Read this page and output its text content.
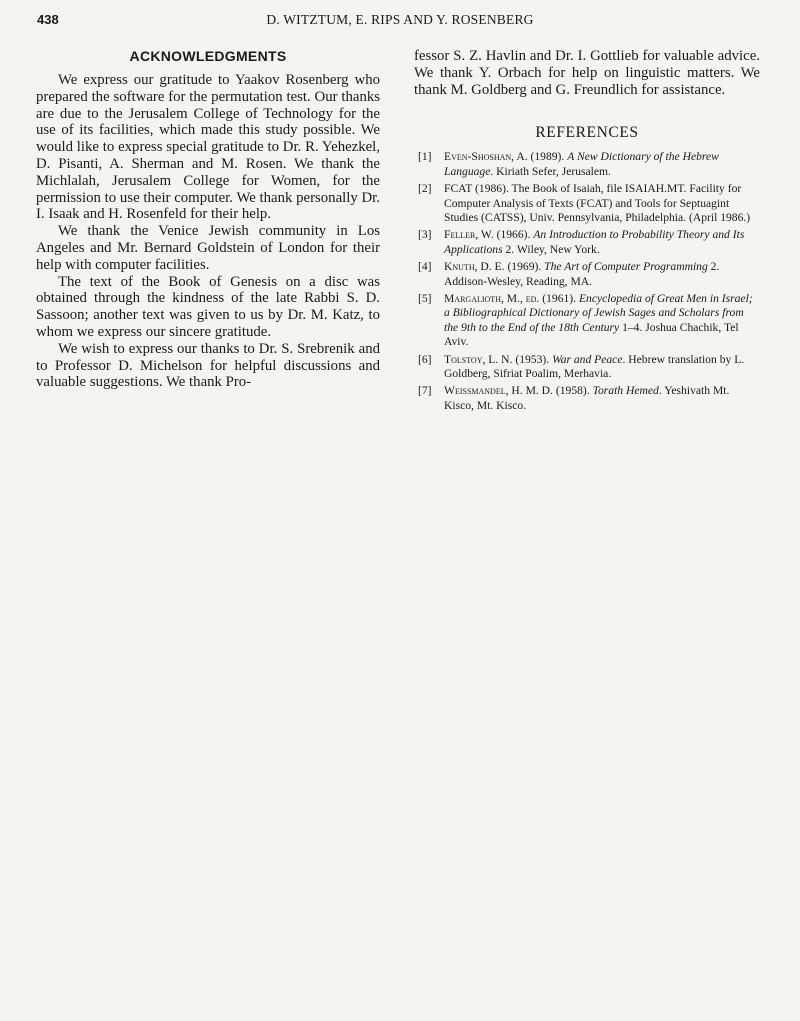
438	D. WITZTUM, E. RIPS AND Y. ROSENBERG
ACKNOWLEDGMENTS

We express our gratitude to Yaakov Rosenberg who prepared the software for the permutation test. Our thanks are due to the Jerusalem College of Technology for the use of its facilities, which made this study possible. We would like to express special gratitude to Dr. R. Yehezkel, D. Pisanti, A. Sherman and M. Rosen. We thank the Michlalah, Jerusalem College for Women, for the permission to use their computer. We thank personally Dr. I. Isaak and H. Rosenfeld for their help.

We thank the Venice Jewish community in Los Angeles and Mr. Bernard Goldstein of London for their help with computer facilities.

The text of the Book of Genesis on a disc was obtained through the kindness of the late Rabbi S. D. Sassoon; another text was given to us by Dr. M. Katz, to whom we express our sincere gratitude.

We wish to express our thanks to Dr. S. Srebrenik and to Professor D. Michelson for helpful discussions and valuable suggestions. We thank Pro-

fessor S. Z. Havlin and Dr. I. Gottlieb for valuable advice. We thank Y. Orbach for help on linguistic matters. We thank M. Goldberg and G. Freundlich for assistance.

REFERENCES
[1]	Even-Shoshan, A. (1989). A New Dictionary of the Hebrew Language. Kiriath Sefer, Jerusalem.
[2]	FCAT (1986). The Book of Isaiah, file ISAIAH.MT. Facility for Computer Analysis of Texts (FCAT) and Tools for Septuagint Studies (CATSS), Univ. Pennsylvania, Philadelphia. (April 1986.)
[3]	Feller, W. (1966). An Introduction to Probability Theory and Its Applications 2. Wiley, New York.
[4]	Knuth, D. E. (1969). The Art of Computer Programming 2. Addison-Wesley, Reading, MA.
[5]	Margalioth, M., ed. (1961). Encyclopedia of Great Men in Israel; a Bibliographical Dictionary of Jewish Sages and Scholars from the 9th to the End of the 18th Century 1–4. Joshua Chachik, Tel Aviv.
[6]	Tolstoy, L. N. (1953). War and Peace. Hebrew translation by L. Goldberg, Sifriat Poalim, Merhavia.
[7]	Weissmandel, H. M. D. (1958). Torath Hemed. Yeshivath Mt. Kisco, Mt. Kisco.
